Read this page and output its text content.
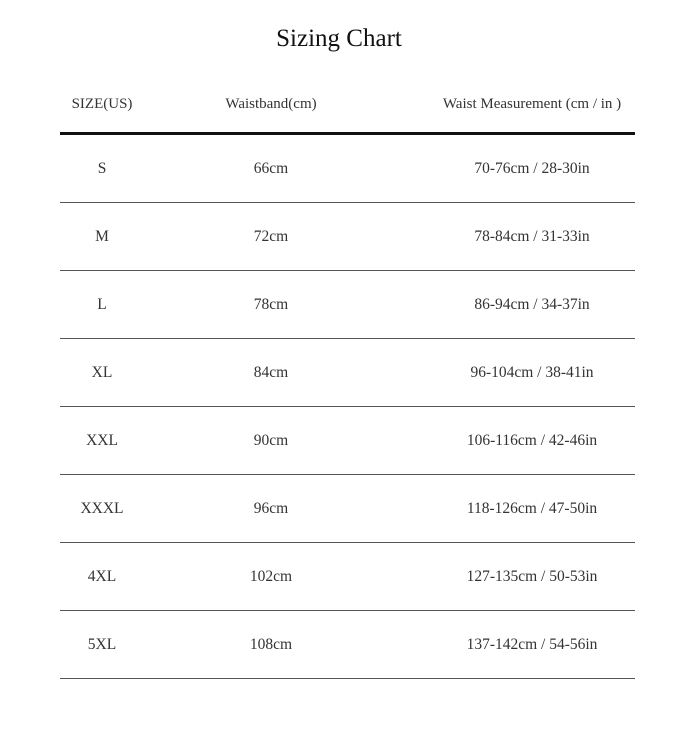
Sizing Chart
SIZE(US)	Waistband(cm)	Waist Measurement (cm / in )
S	66cm	70-76cm / 28-30in
M	72cm	78-84cm / 31-33in
L	78cm	86-94cm / 34-37in
XL	84cm	96-104cm / 38-41in
XXL	90cm	106-116cm / 42-46in
XXXL	96cm	118-126cm / 47-50in
4XL	102cm	127-135cm / 50-53in
5XL	108cm	137-142cm / 54-56in
